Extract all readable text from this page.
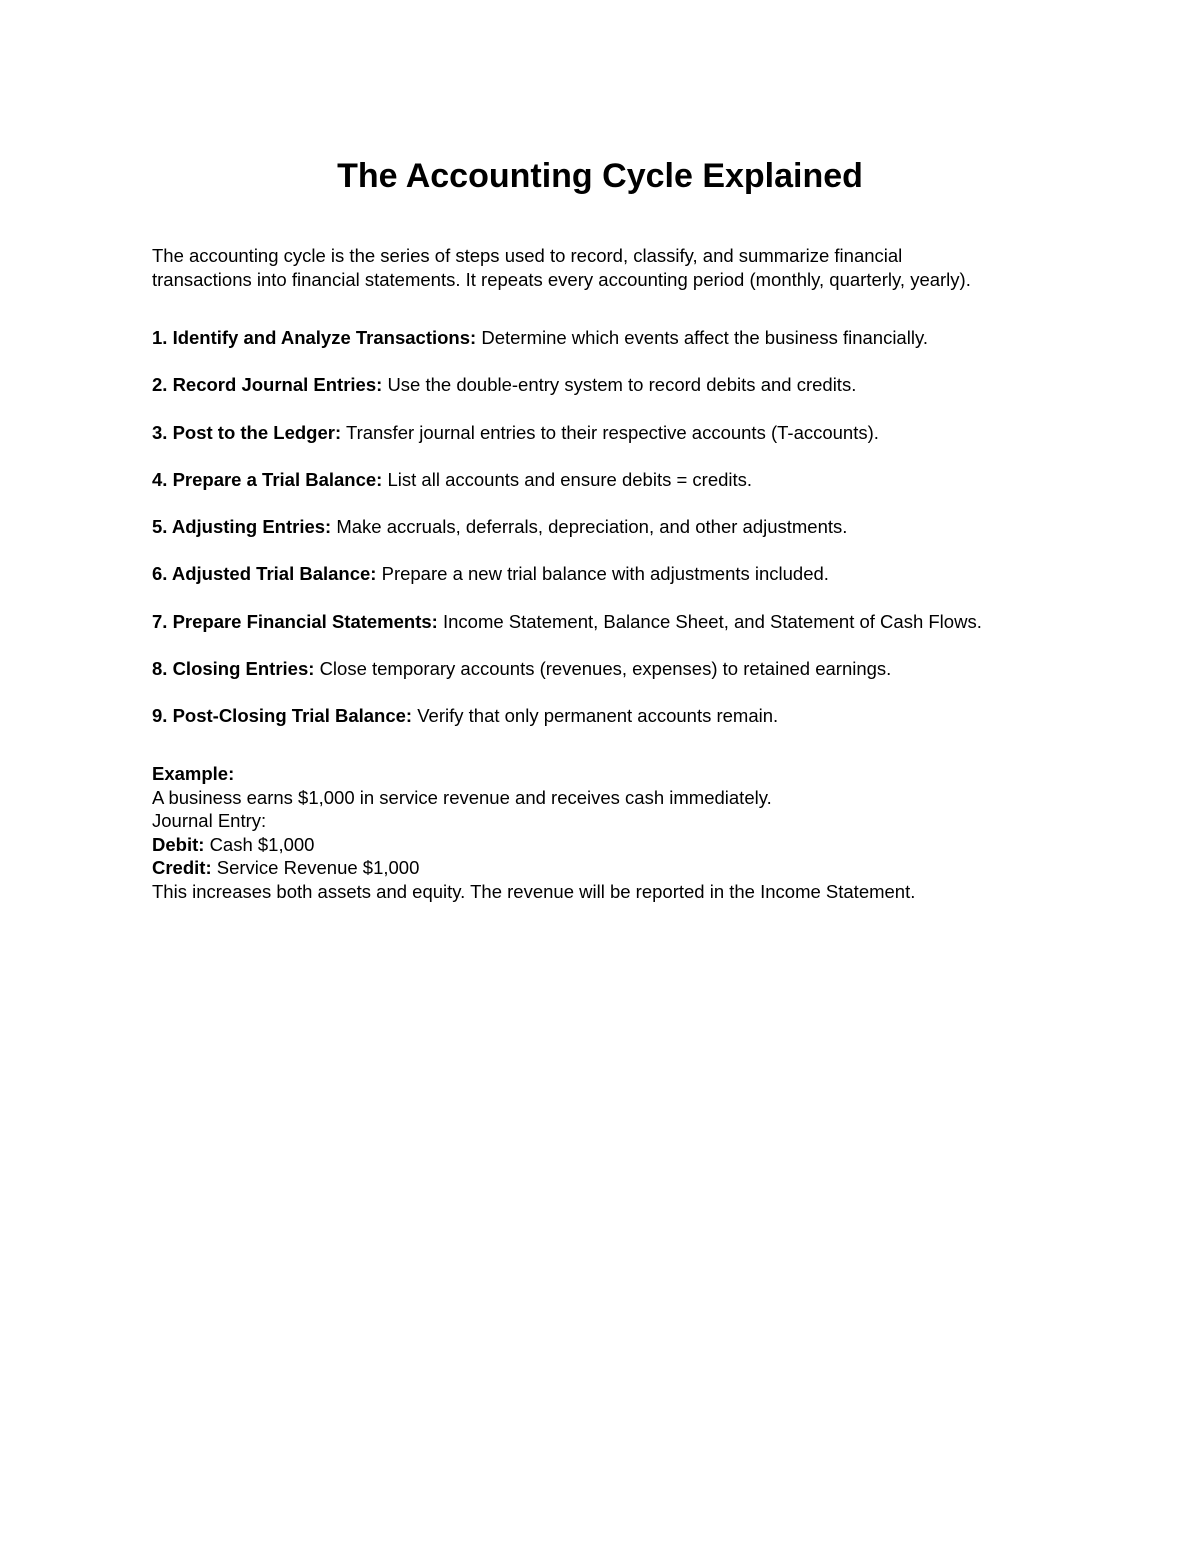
The Accounting Cycle Explained

The accounting cycle is the series of steps used to record, classify, and summarize financial
transactions into financial statements. It repeats every accounting period (monthly, quarterly, yearly).

1. Identify and Analyze Transactions: Determine which events affect the business financially.
2. Record Journal Entries: Use the double-entry system to record debits and credits.
3. Post to the Ledger: Transfer journal entries to their respective accounts (T-accounts).
4. Prepare a Trial Balance: List all accounts and ensure debits = credits.
5. Adjusting Entries: Make accruals, deferrals, depreciation, and other adjustments.
6. Adjusted Trial Balance: Prepare a new trial balance with adjustments included.
7. Prepare Financial Statements: Income Statement, Balance Sheet, and Statement of Cash Flows.
8. Closing Entries: Close temporary accounts (revenues, expenses) to retained earnings.
9. Post-Closing Trial Balance: Verify that only permanent accounts remain.
Example:
A business earns $1,000 in service revenue and receives cash immediately.
Journal Entry:
Debit: Cash $1,000
Credit: Service Revenue $1,000
This increases both assets and equity. The revenue will be reported in the Income Statement.
